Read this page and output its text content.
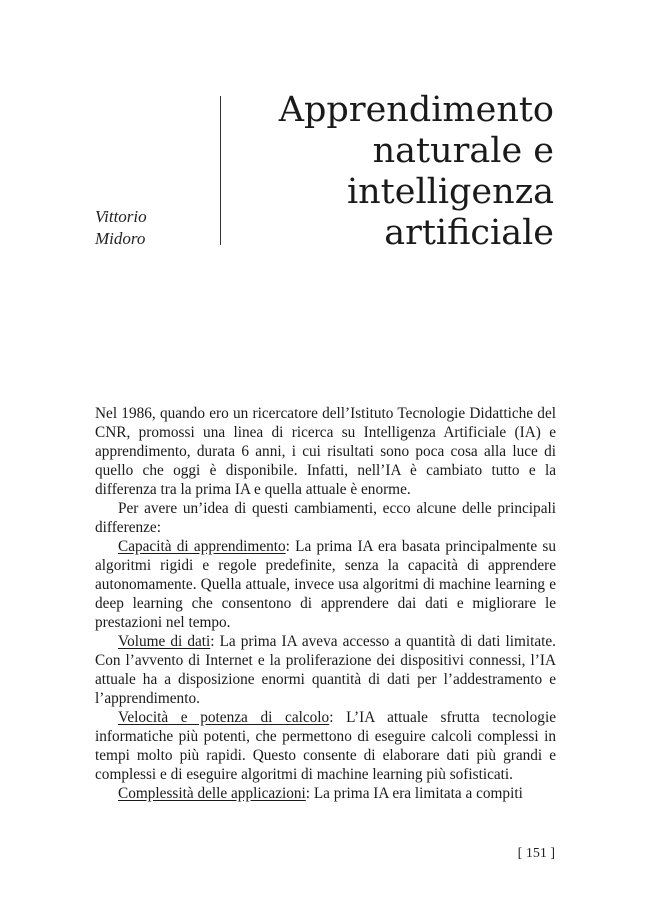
Vittorio
Midoro
Apprendimento
naturale e
intelligenza
artificiale

Nel 1986, quando ero un ricercatore dell’Istituto Tecnologie Didattiche del CNR, promossi una linea di ricerca su Intelligenza Artificiale (IA) e apprendimento, durata 6 anni, i cui risultati sono poca cosa alla luce di quello che oggi è disponibile. Infatti, nell’IA è cambiato tutto e la differenza tra la prima IA e quella attuale è enorme.

Per avere un’idea di questi cambiamenti, ecco alcune delle principali differenze:

Capacità di apprendimento: La prima IA era basata principalmente su algoritmi rigidi e regole predefinite, senza la capacità di apprendere autonomamente. Quella attuale, invece usa algoritmi di machine learning e deep learning che consentono di apprendere dai dati e migliorare le prestazioni nel tempo.

Volume di dati: La prima IA aveva accesso a quantità di dati limitate. Con l’avvento di Internet e la proliferazione dei dispositivi connessi, l’IA attuale ha a disposizione enormi quantità di dati per l’addestramento e l’apprendimento.

Velocità e potenza di calcolo: L’IA attuale sfrutta tecnologie informatiche più potenti, che permettono di eseguire calcoli complessi in tempi molto più rapidi. Questo consente di elaborare dati più grandi e complessi e di eseguire algoritmi di machine learning più sofisticati.

Complessità delle applicazioni: La prima IA era limitata a compiti

[ 151 ]
